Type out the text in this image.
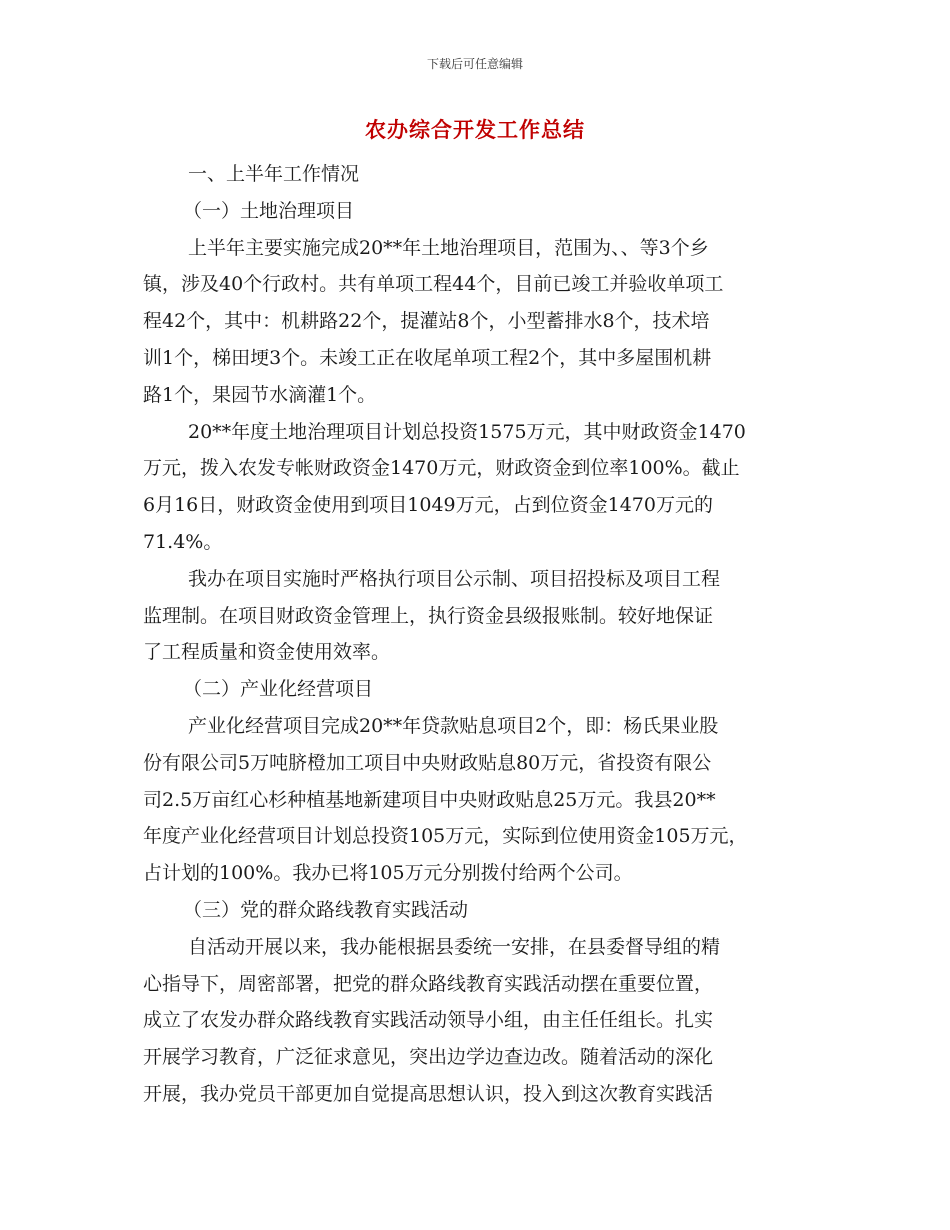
下载后可任意编辑
农办综合开发工作总结
一、上半年工作情况
（一）土地治理项目
上半年主要实施完成20**年土地治理项目，范围为、、等3个乡
镇，涉及40个行政村。共有单项工程44个，目前已竣工并验收单项工
程42个，其中：机耕路22个，提灌站8个，小型蓄排水8个，技术培
训1个，梯田埂3个。未竣工正在收尾单项工程2个，其中多屋围机耕
路1个，果园节水滴灌1个。
20**年度土地治理项目计划总投资1575万元，其中财政资金1470
万元，拨入农发专帐财政资金1470万元，财政资金到位率100%。截止
6月16日，财政资金使用到项目1049万元，占到位资金1470万元的
71.4%。
我办在项目实施时严格执行项目公示制、项目招投标及项目工程
监理制。在项目财政资金管理上，执行资金县级报账制。较好地保证
了工程质量和资金使用效率。
（二）产业化经营项目
产业化经营项目完成20**年贷款贴息项目2个，即：杨氏果业股
份有限公司5万吨脐橙加工项目中央财政贴息80万元，省投资有限公
司2.5万亩红心杉种植基地新建项目中央财政贴息25万元。我县20**
年度产业化经营项目计划总投资105万元，实际到位使用资金105万元，
占计划的100%。我办已将105万元分别拨付给两个公司。
（三）党的群众路线教育实践活动
自活动开展以来，我办能根据县委统一安排，在县委督导组的精
心指导下，周密部署，把党的群众路线教育实践活动摆在重要位置，
成立了农发办群众路线教育实践活动领导小组，由主任任组长。扎实
开展学习教育，广泛征求意见，突出边学边查边改。随着活动的深化
开展，我办党员干部更加自觉提高思想认识，投入到这次教育实践活
